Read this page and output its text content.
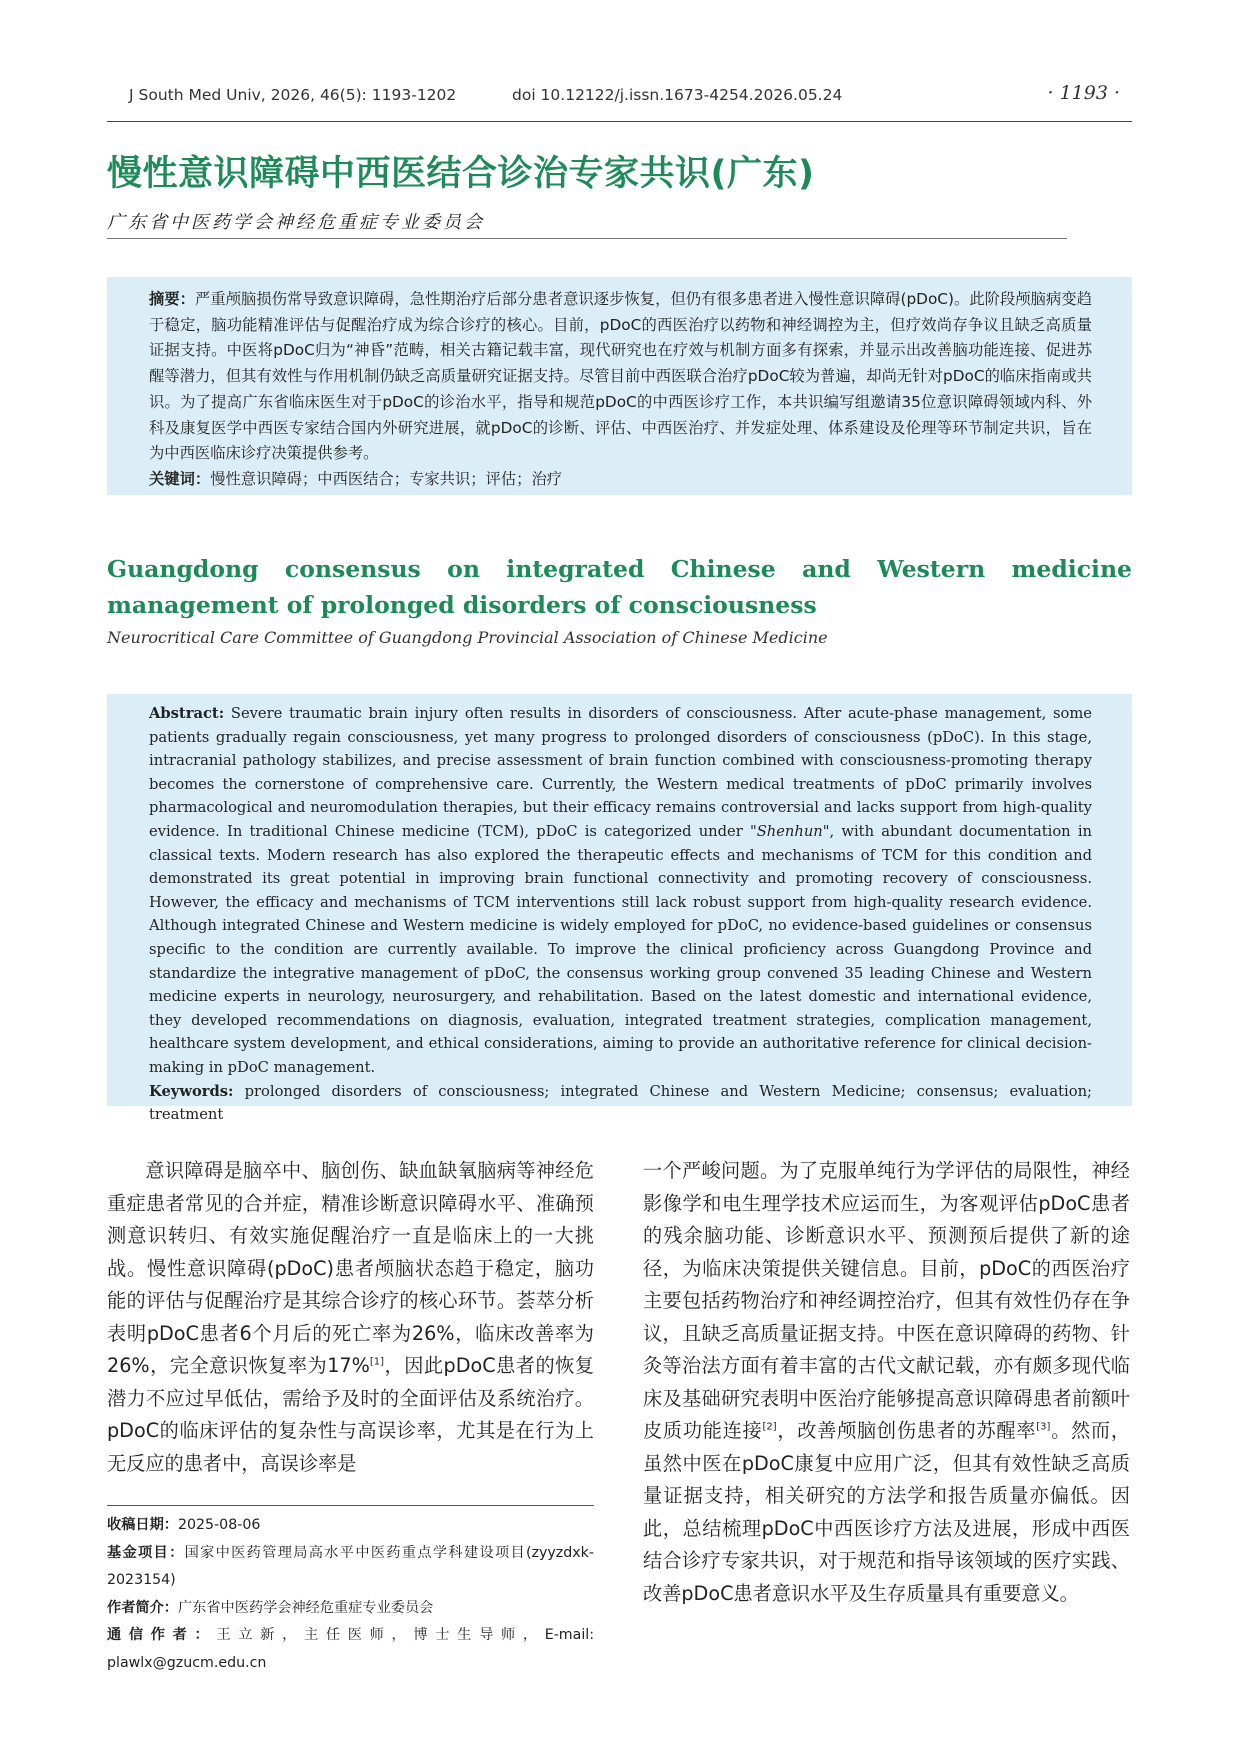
J South Med Univ, 2026, 46(5): 1193-1202	doi 10.12122/j.issn.1673-4254.2026.05.24	· 1193 ·
慢性意识障碍中西医结合诊治专家共识(广东)
广东省中医药学会神经危重症专业委员会

摘要：严重颅脑损伤常导致意识障碍，急性期治疗后部分患者意识逐步恢复，但仍有很多患者进入慢性意识障碍(pDoC)。此阶段颅脑病变趋于稳定，脑功能精准评估与促醒治疗成为综合诊疗的核心。目前，pDoC的西医治疗以药物和神经调控为主，但疗效尚存争议且缺乏高质量证据支持。中医将pDoC归为“神昏”范畴，相关古籍记载丰富，现代研究也在疗效与机制方面多有探索，并显示出改善脑功能连接、促进苏醒等潜力，但其有效性与作用机制仍缺乏高质量研究证据支持。尽管目前中西医联合治疗pDoC较为普遍，却尚无针对pDoC的临床指南或共识。为了提高广东省临床医生对于pDoC的诊治水平，指导和规范pDoC的中西医诊疗工作，本共识编写组邀请35位意识障碍领域内科、外科及康复医学中西医专家结合国内外研究进展，就pDoC的诊断、评估、中西医治疗、并发症处理、体系建设及伦理等环节制定共识，旨在为中西医临床诊疗决策提供参考。

关键词：慢性意识障碍；中西医结合；专家共识；评估；治疗

Guangdong consensus on integrated Chinese and Western medicine management of prolonged disorders of consciousness
Neurocritical Care Committee of Guangdong Provincial Association of Chinese Medicine

Abstract: Severe traumatic brain injury often results in disorders of consciousness. After acute-phase management, some patients gradually regain consciousness, yet many progress to prolonged disorders of consciousness (pDoC). In this stage, intracranial pathology stabilizes, and precise assessment of brain function combined with consciousness-promoting therapy becomes the cornerstone of comprehensive care. Currently, the Western medical treatments of pDoC primarily involves pharmacological and neuromodulation therapies, but their efficacy remains controversial and lacks support from high-quality evidence. In traditional Chinese medicine (TCM), pDoC is categorized under "Shenhun", with abundant documentation in classical texts. Modern research has also explored the therapeutic effects and mechanisms of TCM for this condition and demonstrated its great potential in improving brain functional connectivity and promoting recovery of consciousness. However, the efficacy and mechanisms of TCM interventions still lack robust support from high-quality research evidence. Although integrated Chinese and Western medicine is widely employed for pDoC, no evidence-based guidelines or consensus specific to the condition are currently available. To improve the clinical proficiency across Guangdong Province and standardize the integrative management of pDoC, the consensus working group convened 35 leading Chinese and Western medicine experts in neurology, neurosurgery, and rehabilitation. Based on the latest domestic and international evidence, they developed recommendations on diagnosis, evaluation, integrated treatment strategies, complication management, healthcare system development, and ethical considerations, aiming to provide an authoritative reference for clinical decision-making in pDoC management.

Keywords: prolonged disorders of consciousness; integrated Chinese and Western Medicine; consensus; evaluation; treatment

意识障碍是脑卒中、脑创伤、缺血缺氧脑病等神经危重症患者常见的合并症，精准诊断意识障碍水平、准确预测意识转归、有效实施促醒治疗一直是临床上的一大挑战。慢性意识障碍(pDoC)患者颅脑状态趋于稳定，脑功能的评估与促醒治疗是其综合诊疗的核心环节。荟萃分析表明pDoC患者6个月后的死亡率为26%，临床改善率为26%，完全意识恢复率为17%[1]，因此pDoC患者的恢复潜力不应过早低估，需给予及时的全面评估及系统治疗。pDoC的临床评估的复杂性与高误诊率，尤其是在行为上无反应的患者中，高误诊率是

一个严峻问题。为了克服单纯行为学评估的局限性，神经影像学和电生理学技术应运而生，为客观评估pDoC患者的残余脑功能、诊断意识水平、预测预后提供了新的途径，为临床决策提供关键信息。目前，pDoC的西医治疗主要包括药物治疗和神经调控治疗，但其有效性仍存在争议，且缺乏高质量证据支持。中医在意识障碍的药物、针灸等治法方面有着丰富的古代文献记载，亦有颇多现代临床及基础研究表明中医治疗能够提高意识障碍患者前额叶皮质功能连接[2]，改善颅脑创伤患者的苏醒率[3]。然而，虽然中医在pDoC康复中应用广泛，但其有效性缺乏高质量证据支持，相关研究的方法学和报告质量亦偏低。因此，总结梳理pDoC中西医诊疗方法及进展，形成中西医结合诊疗专家共识，对于规范和指导该领域的医疗实践、改善pDoC患者意识水平及生存质量具有重要意义。

收稿日期：2025-08-06
基金项目：国家中医药管理局高水平中医药重点学科建设项目(zyyzdxk-2023154)
作者简介：广东省中医药学会神经危重症专业委员会
通信作者：王立新，主任医师，博士生导师，E-mail: plawlx@gzucm.edu.cn
